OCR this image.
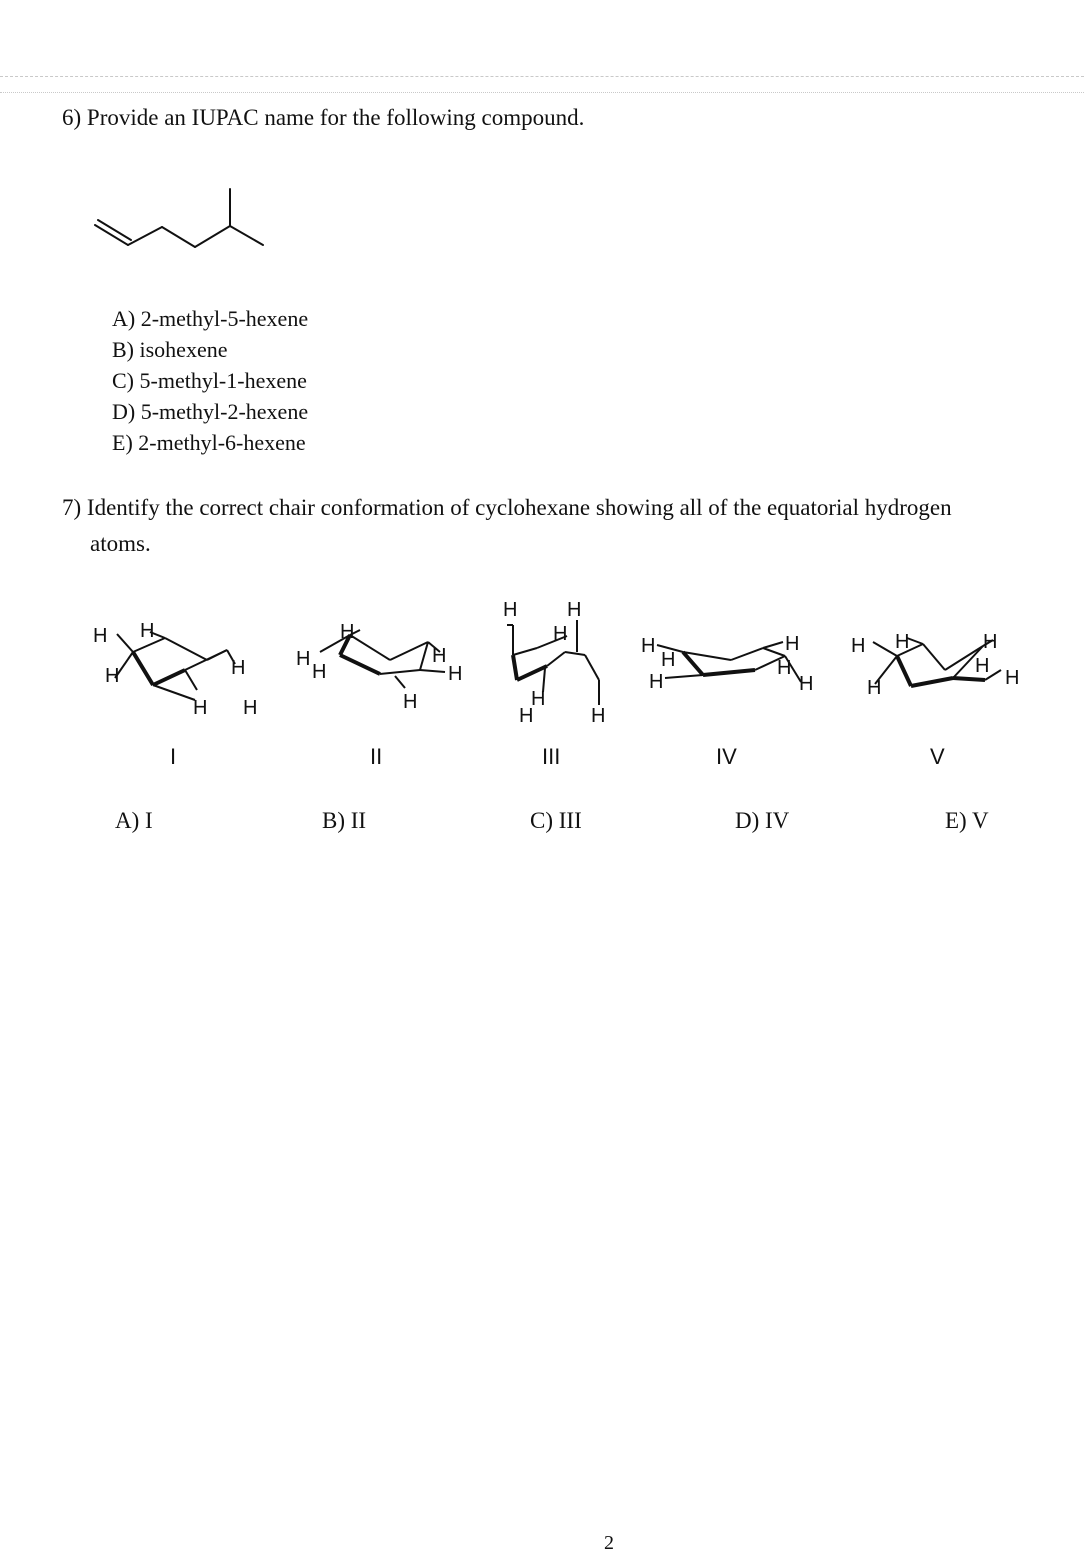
6) Provide an IUPAC name for the following compound.
A) 2-methyl-5-hexene
B) isohexene
C) 5-methyl-1-hexene
D) 5-methyl-2-hexene
E) 2-methyl-6-hexene
7) Identify the correct chair conformation of cyclohexane showing all of the equatorial hydrogen
atoms.
H H
H	H
H H
H
H
H
H
H
H
H H
H
H
H	H
H
H
H
H
H
H
H H
H
H
H
H
I	II	III	IV	V
A) I	B) II	C) III	D) IV	E) V
2
